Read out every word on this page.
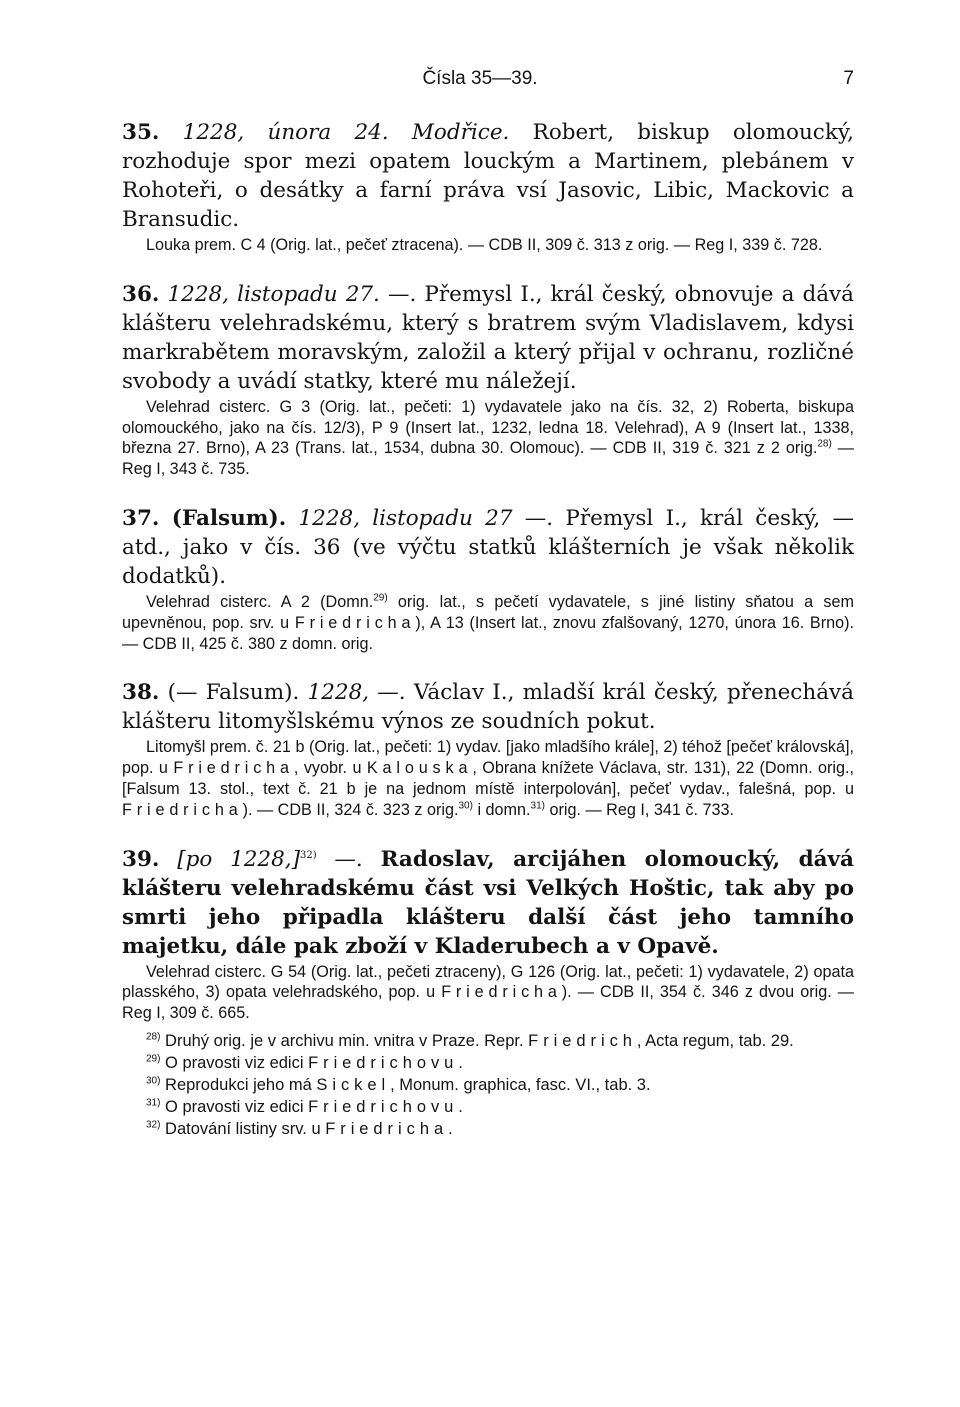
Čísla 35—39.	7

35. 1228, února 24. Modřice. Robert, biskup olomoucký, rozhoduje spor mezi opatem louckým a Martinem, plebánem v Rohoteři, o desátky a farní práva vsí Jasovic, Libic, Mackovic a Bransudic.

Louka prem. C 4 (Orig. lat., pečeť ztracena). — CDB II, 309 č. 313 z orig. — Reg I, 339 č. 728.

36. 1228, listopadu 27. —. Přemysl I., král český, obnovuje a dává klášteru velehradskému, který s bratrem svým Vladislavem, kdysi markrabětem moravským, založil a který přijal v ochranu, rozličné svobody a uvádí statky, které mu náležejí.

Velehrad cisterc. G 3 (Orig. lat., pečeti: 1) vydavatele jako na čís. 32, 2) Roberta, biskupa olomouckého, jako na čís. 12/3), P 9 (Insert lat., 1232, ledna 18. Velehrad), A 9 (Insert lat., 1338, března 27. Brno), A 23 (Trans. lat., 1534, dubna 30. Olomouc). — CDB II, 319 č. 321 z 2 orig.$^{28)}$ — Reg I, 343 č. 735.

37. (Falsum). 1228, listopadu 27 —. Přemysl I., král český, — atd., jako v čís. 36 (ve výčtu statků klášterních je však několik dodatků).

Velehrad cisterc. A 2 (Domn.$^{29)}$ orig. lat., s pečetí vydavatele, s jiné listiny sňatou a sem upevněnou, pop. srv. u Friedricha), A 13 (Insert lat., znovu zfalšovaný, 1270, února 16. Brno). — CDB II, 425 č. 380 z domn. orig.

38. (— Falsum). 1228, —. Václav I., mladší král český, přenechává klášteru litomyšlskému výnos ze soudních pokut.

Litomyšl prem. č. 21 b (Orig. lat., pečeti: 1) vydav. [jako mladšího krále], 2) téhož [pečeť královská], pop. u Friedricha, vyobr. u Kalouska, Obrana knížete Václava, str. 131), 22 (Domn. orig., [Falsum 13. stol., text č. 21 b je na jednom místě interpolován], pečeť vydav., falešná, pop. u Friedricha). — CDB II, 324 č. 323 z orig.$^{30)}$ i domn.$^{31)}$ orig. — Reg I, 341 č. 733.

39. [po 1228,]$^{32)}$ —. Radoslav, arcijáhen olomoucký, dává klášteru velehradskému část vsi Velkých Hoštic, tak aby po smrti jeho připadla klášteru další část jeho tamního majetku, dále pak zboží v Kladerubech a v Opavě.

Velehrad cisterc. G 54 (Orig. lat., pečeti ztraceny), G 126 (Orig. lat., pečeti: 1) vydavatele, 2) opata plasského, 3) opata velehradského, pop. u Friedricha). — CDB II, 354 č. 346 z dvou orig. — Reg I, 309 č. 665.

$^{28)}$ Druhý orig. je v archivu min. vnitra v Praze. Repr. Friedrich, Acta regum, tab. 29.

$^{29)}$ O pravosti viz edici Friedrichovu.

$^{30)}$ Reprodukci jeho má Sickel, Monum. graphica, fasc. VI., tab. 3.

$^{31)}$ O pravosti viz edici Friedrichovu.

$^{32)}$ Datování listiny srv. u Friedricha.
